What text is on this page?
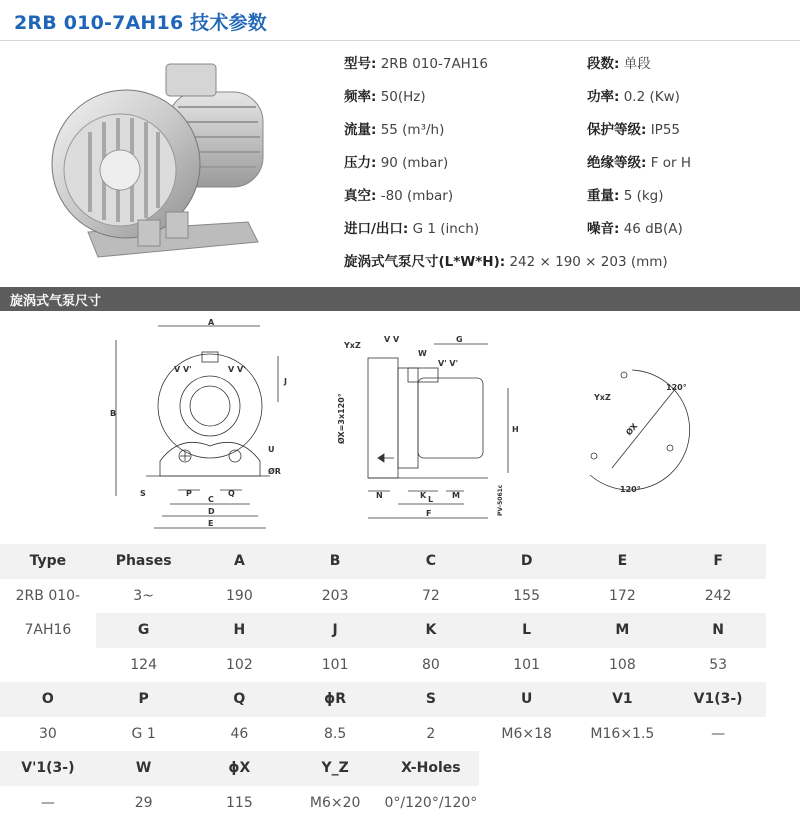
2RB 010-7AH16 技术参数
型号: 2RB 010-7AH16	段数: 单段
频率: 50(Hz)	功率: 0.2 (Kw)
流量: 55 (m³/h)	保护等级: IP55
压力: 90 (mbar)	绝缘等级: F or H
真空: -80 (mbar)	重量: 5 (kg)
进口/出口: G 1 (inch)	噪音: 46 dB(A)
旋涡式气泵尺寸(L*W*H): 242 × 190 × 203 (mm)
旋涡式气泵尺寸
A
B
V V'	V V'
J
U
ØR
S	P	Q
C
D
E
YxZ
V V
W
V' V'
G
ØX=3x120°	H
N	K	M
L
F	PV-5061c
ØX
YxZ
120°
120°
Type	Phases	A	B	C	D	E	F
2RB 010-	3~	190	203	72	155	172	242
7AH16	G	H	J	K	L	M	N
	124	102	101	80	101	108	53
O	P	Q	ϕR	S	U	V1	V1(3-)
30	G 1	46	8.5	2	M6×18	M16×1.5	—
V'1(3-)	W	ϕX	Y_Z	X-Holes			
—	29	115	M6×20	0°/120°/120°			
